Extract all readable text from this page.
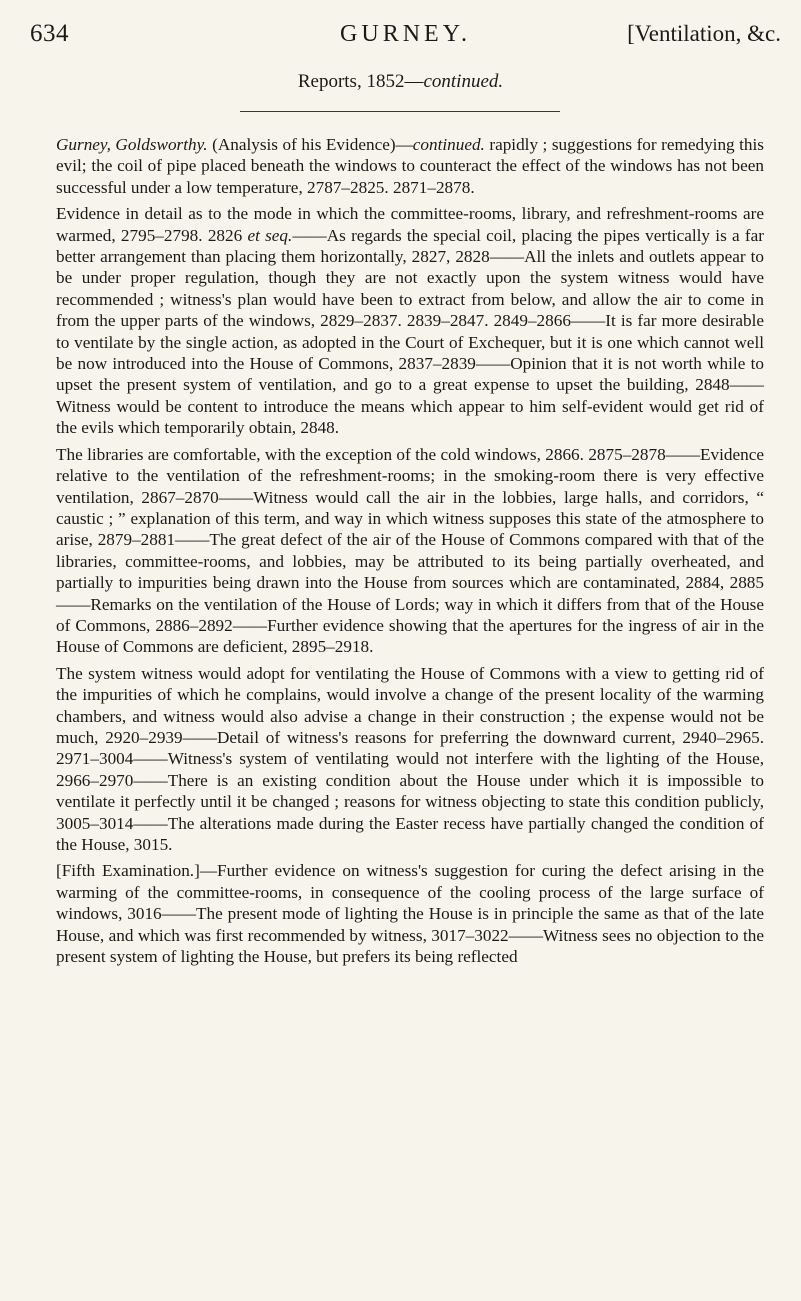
634	GURNEY.	[Ventilation, &c.
Reports, 1852—continued.

Gurney, Goldsworthy. (Analysis of his Evidence)—continued. rapidly ; suggestions for remedying this evil; the coil of pipe placed beneath the windows to counteract the effect of the windows has not been successful under a low temperature, 2787–2825. 2871–2878.

Evidence in detail as to the mode in which the committee-rooms, library, and refreshment-rooms are warmed, 2795–2798. 2826 et seq.——As regards the special coil, placing the pipes vertically is a far better arrangement than placing them horizontally, 2827, 2828——All the inlets and outlets appear to be under proper regulation, though they are not exactly upon the system witness would have recommended ; witness's plan would have been to extract from below, and allow the air to come in from the upper parts of the windows, 2829–2837. 2839–2847. 2849–2866——It is far more desirable to ventilate by the single action, as adopted in the Court of Exchequer, but it is one which cannot well be now introduced into the House of Commons, 2837–2839——Opinion that it is not worth while to upset the present system of ventilation, and go to a great expense to upset the building, 2848——Witness would be content to introduce the means which appear to him self-evident would get rid of the evils which temporarily obtain, 2848.

The libraries are comfortable, with the exception of the cold windows, 2866. 2875–2878——Evidence relative to the ventilation of the refreshment-rooms; in the smoking-room there is very effective ventilation, 2867–2870——Witness would call the air in the lobbies, large halls, and corridors, “ caustic ; ” explanation of this term, and way in which witness supposes this state of the atmosphere to arise, 2879–2881——The great defect of the air of the House of Commons compared with that of the libraries, committee-rooms, and lobbies, may be attributed to its being partially overheated, and partially to impurities being drawn into the House from sources which are contaminated, 2884, 2885——Remarks on the ventilation of the House of Lords; way in which it differs from that of the House of Commons, 2886–2892——Further evidence showing that the apertures for the ingress of air in the House of Commons are deficient, 2895–2918.

The system witness would adopt for ventilating the House of Commons with a view to getting rid of the impurities of which he complains, would involve a change of the present locality of the warming chambers, and witness would also advise a change in their construction ; the expense would not be much, 2920–2939——Detail of witness's reasons for preferring the downward current, 2940–2965. 2971–3004——Witness's system of ventilating would not interfere with the lighting of the House, 2966–2970——There is an existing condition about the House under which it is impossible to ventilate it perfectly until it be changed ; reasons for witness objecting to state this condition publicly, 3005–3014——The alterations made during the Easter recess have partially changed the condition of the House, 3015.

[Fifth Examination.]—Further evidence on witness's suggestion for curing the defect arising in the warming of the committee-rooms, in consequence of the cooling process of the large surface of windows, 3016——The present mode of lighting the House is in principle the same as that of the late House, and which was first recommended by witness, 3017–3022——Witness sees no objection to the present system of lighting the House, but prefers its being reflected
